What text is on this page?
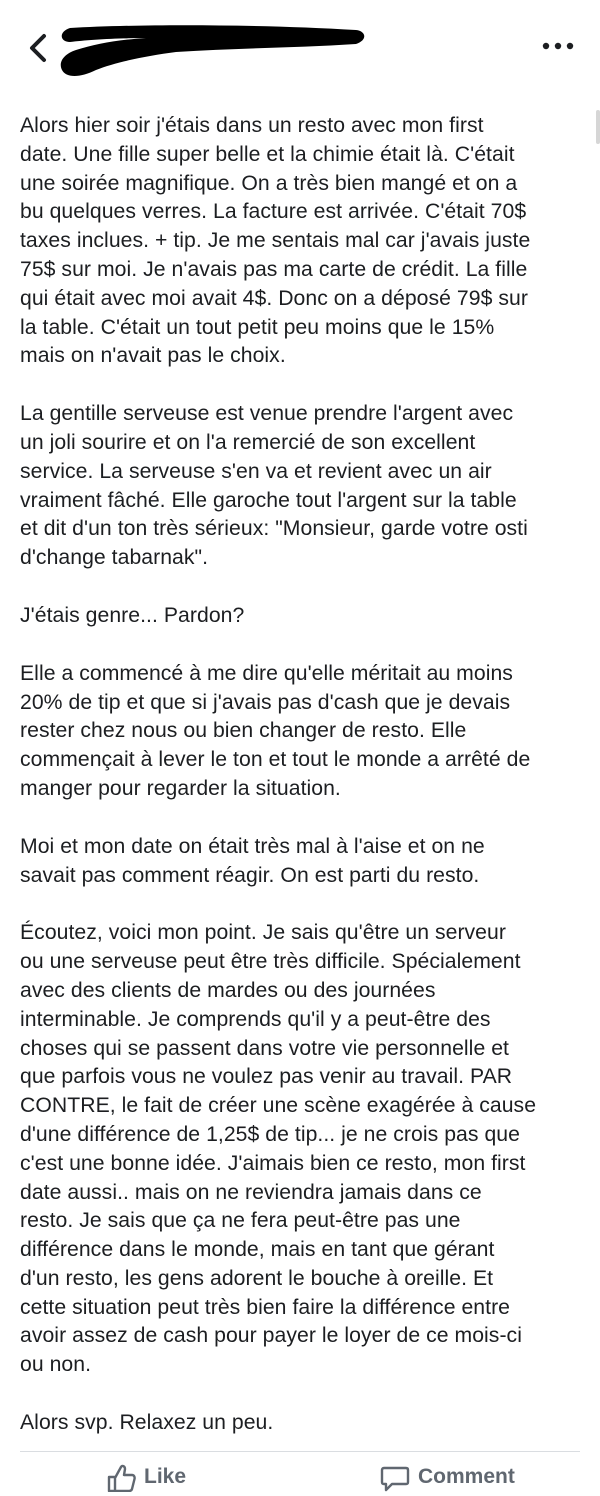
Alors hier soir j'étais dans un resto avec mon first
date. Une fille super belle et la chimie était là. C'était
une soirée magnifique. On a très bien mangé et on a
bu quelques verres. La facture est arrivée. C'était 70$
taxes inclues. + tip. Je me sentais mal car j'avais juste
75$ sur moi. Je n'avais pas ma carte de crédit. La fille
qui était avec moi avait 4$. Donc on a déposé 79$ sur
la table. C'était un tout petit peu moins que le 15%
mais on n'avait pas le choix.

La gentille serveuse est venue prendre l'argent avec
un joli sourire et on l'a remercié de son excellent
service. La serveuse s'en va et revient avec un air
vraiment fâché. Elle garoche tout l'argent sur la table
et dit d'un ton très sérieux: "Monsieur, garde votre osti
d'change tabarnak".

J'étais genre... Pardon?

Elle a commencé à me dire qu'elle méritait au moins
20% de tip et que si j'avais pas d'cash que je devais
rester chez nous ou bien changer de resto. Elle
commençait à lever le ton et tout le monde a arrêté de
manger pour regarder la situation.

Moi et mon date on était très mal à l'aise et on ne
savait pas comment réagir. On est parti du resto.

Écoutez, voici mon point. Je sais qu'être un serveur
ou une serveuse peut être très difficile. Spécialement
avec des clients de mardes ou des journées
interminable. Je comprends qu'il y a peut-être des
choses qui se passent dans votre vie personnelle et
que parfois vous ne voulez pas venir au travail. PAR
CONTRE, le fait de créer une scène exagérée à cause
d'une différence de 1,25$ de tip... je ne crois pas que
c'est une bonne idée. J'aimais bien ce resto, mon first
date aussi.. mais on ne reviendra jamais dans ce
resto. Je sais que ça ne fera peut-être pas une
différence dans le monde, mais en tant que gérant
d'un resto, les gens adorent le bouche à oreille. Et
cette situation peut très bien faire la différence entre
avoir assez de cash pour payer le loyer de ce mois-ci
ou non.

Alors svp. Relaxez un peu.

Like	Comment
